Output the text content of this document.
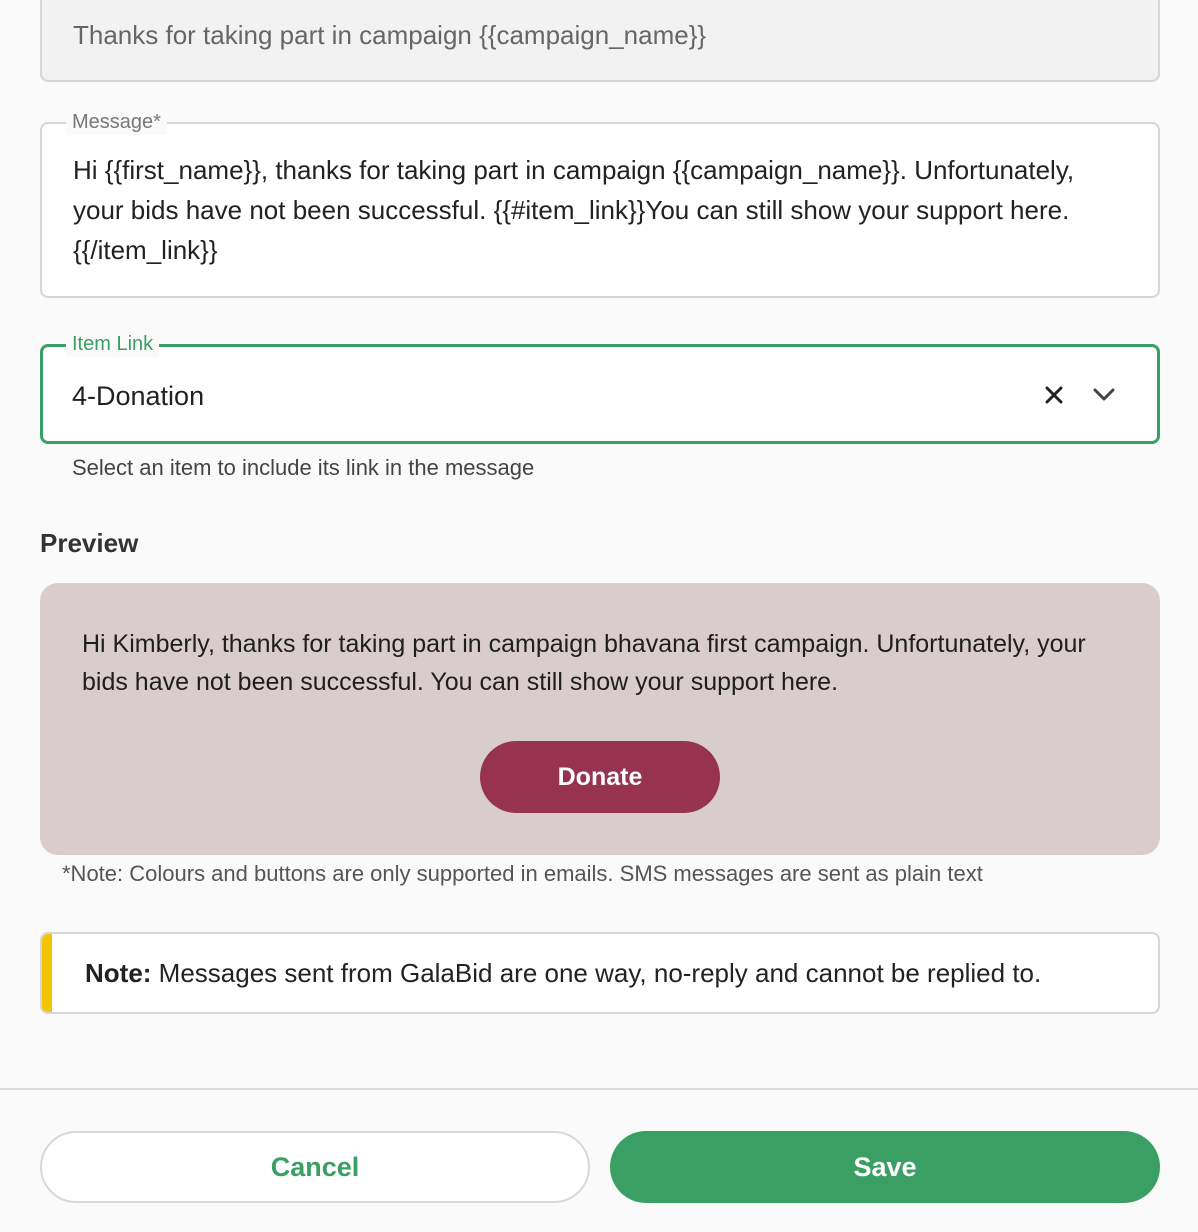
Thanks for taking part in campaign {{campaign_name}}
Message*
Hi {{first_name}}, thanks for taking part in campaign {{campaign_name}}. Unfortunately, your bids have not been successful. {{#item_link}}You can still show your support here. {{/item_link}}
Item Link
4-Donation
Select an item to include its link in the message
Preview
Hi Kimberly, thanks for taking part in campaign bhavana first campaign. Unfortunately, your bids have not been successful. You can still show your support here.
Donate
*Note: Colours and buttons are only supported in emails. SMS messages are sent as plain text
Note: Messages sent from GalaBid are one way, no-reply and cannot be replied to.
Cancel	Save
